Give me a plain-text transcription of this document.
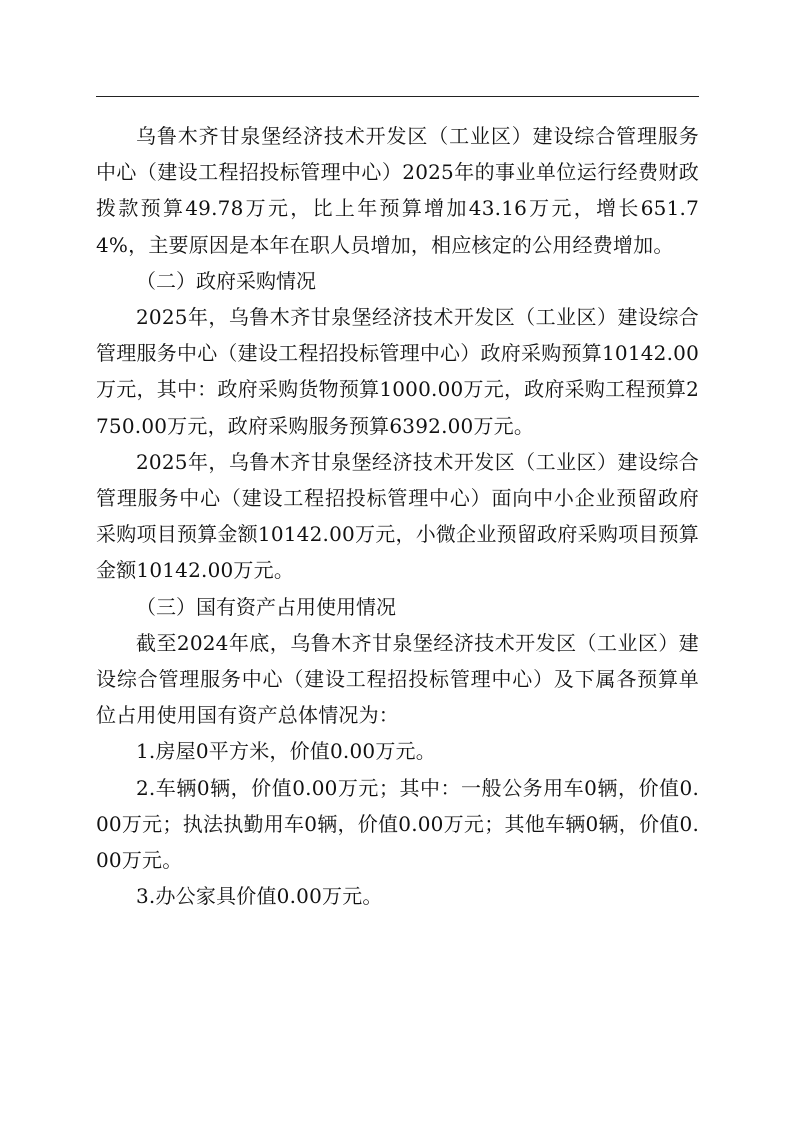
乌鲁木齐甘泉堡经济技术开发区（工业区）建设综合管理服务中心（建设工程招投标管理中心）2025年的事业单位运行经费财政拨款预算49.78万元，比上年预算增加43.16万元，增长651.74%，主要原因是本年在职人员增加，相应核定的公用经费增加。

（二）政府采购情况

2025年，乌鲁木齐甘泉堡经济技术开发区（工业区）建设综合管理服务中心（建设工程招投标管理中心）政府采购预算10142.00万元，其中：政府采购货物预算1000.00万元，政府采购工程预算2750.00万元，政府采购服务预算6392.00万元。

2025年，乌鲁木齐甘泉堡经济技术开发区（工业区）建设综合管理服务中心（建设工程招投标管理中心）面向中小企业预留政府采购项目预算金额10142.00万元，小微企业预留政府采购项目预算金额10142.00万元。

（三）国有资产占用使用情况

截至2024年底，乌鲁木齐甘泉堡经济技术开发区（工业区）建设综合管理服务中心（建设工程招投标管理中心）及下属各预算单位占用使用国有资产总体情况为：

1.房屋0平方米，价值0.00万元。

2.车辆0辆，价值0.00万元；其中：一般公务用车0辆，价值0.00万元；执法执勤用车0辆，价值0.00万元；其他车辆0辆，价值0.00万元。

3.办公家具价值0.00万元。
